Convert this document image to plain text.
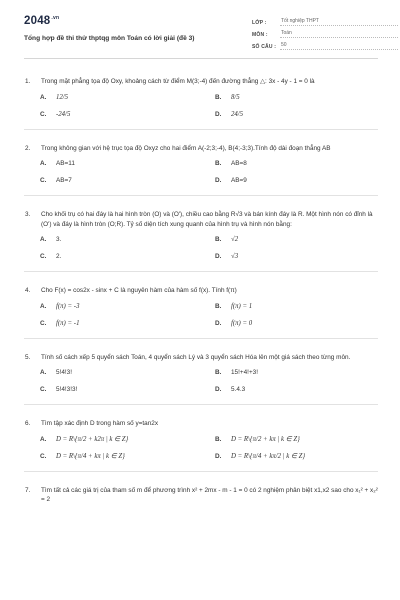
$2048^{.vn}$
Tổng hợp đề thi thử thptqg môn Toán có lời giải (đề 3)
LỚP :	Tốt nghiệp THPT
MÔN :	Toán
SỐ CÂU : 50
1.	Trong mặt phẳng tọa độ Oxy, khoảng cách từ điểm M(3;-4) đến đường thẳng △: 3x - 4y - 1 = 0 là
A.	12/5	B.	8/5
C.	-24/5	D.	24/5
2.	Trong không gian với hệ trục tọa độ Oxyz cho hai điểm A(-2;3;-4), B(4;-3;3).Tính độ dài đoạn thẳng AB
A.	AB=11	B.	AB=8
C.	AB=7	D.	AB=9
3.	Cho khối trụ có hai đáy là hai hình tròn (O) và (O'), chiều cao bằng R√3 và bán kính đáy là R. Một hình nón có đỉnh là (O') và đáy là hình tròn (O;R). Tỷ số diện tích xung quanh của hình trụ và hình nón bằng:
A.	3.	B.	√2
C.	2.	D.	√3
4.	Cho F(x) = cos2x - sinx + C là nguyên hàm của hàm số f(x). Tính f(π)
A.	f(π) = -3	B.	f(π) = 1
C.	f(π) = -1	D.	f(π) = 0
5.	Tính số cách xếp 5 quyển sách Toán, 4 quyển sách Lý và 3 quyển sách Hóa lên một giá sách theo từng môn.
A.	5!4!3!	B.	15!+4!+3!
C.	5!4!3!3!	D.	5.4.3
6.	Tìm tập xác định D trong hàm số y=tan2x
A.	D = R\{π/2 + k2π | k ∈ Z}	B.	D = R\{π/2 + kπ | k ∈ Z}
C.	D = R\{π/4 + kπ | k ∈ Z}	D.	D = R\{π/4 + kπ/2 | k ∈ Z}
7.	Tìm tất cả các giá trị của tham số m để phương trình x² + 2mx - m - 1 = 0 có 2 nghiệm phân biệt x1,x2 sao cho x₁² + x₂² = 2
